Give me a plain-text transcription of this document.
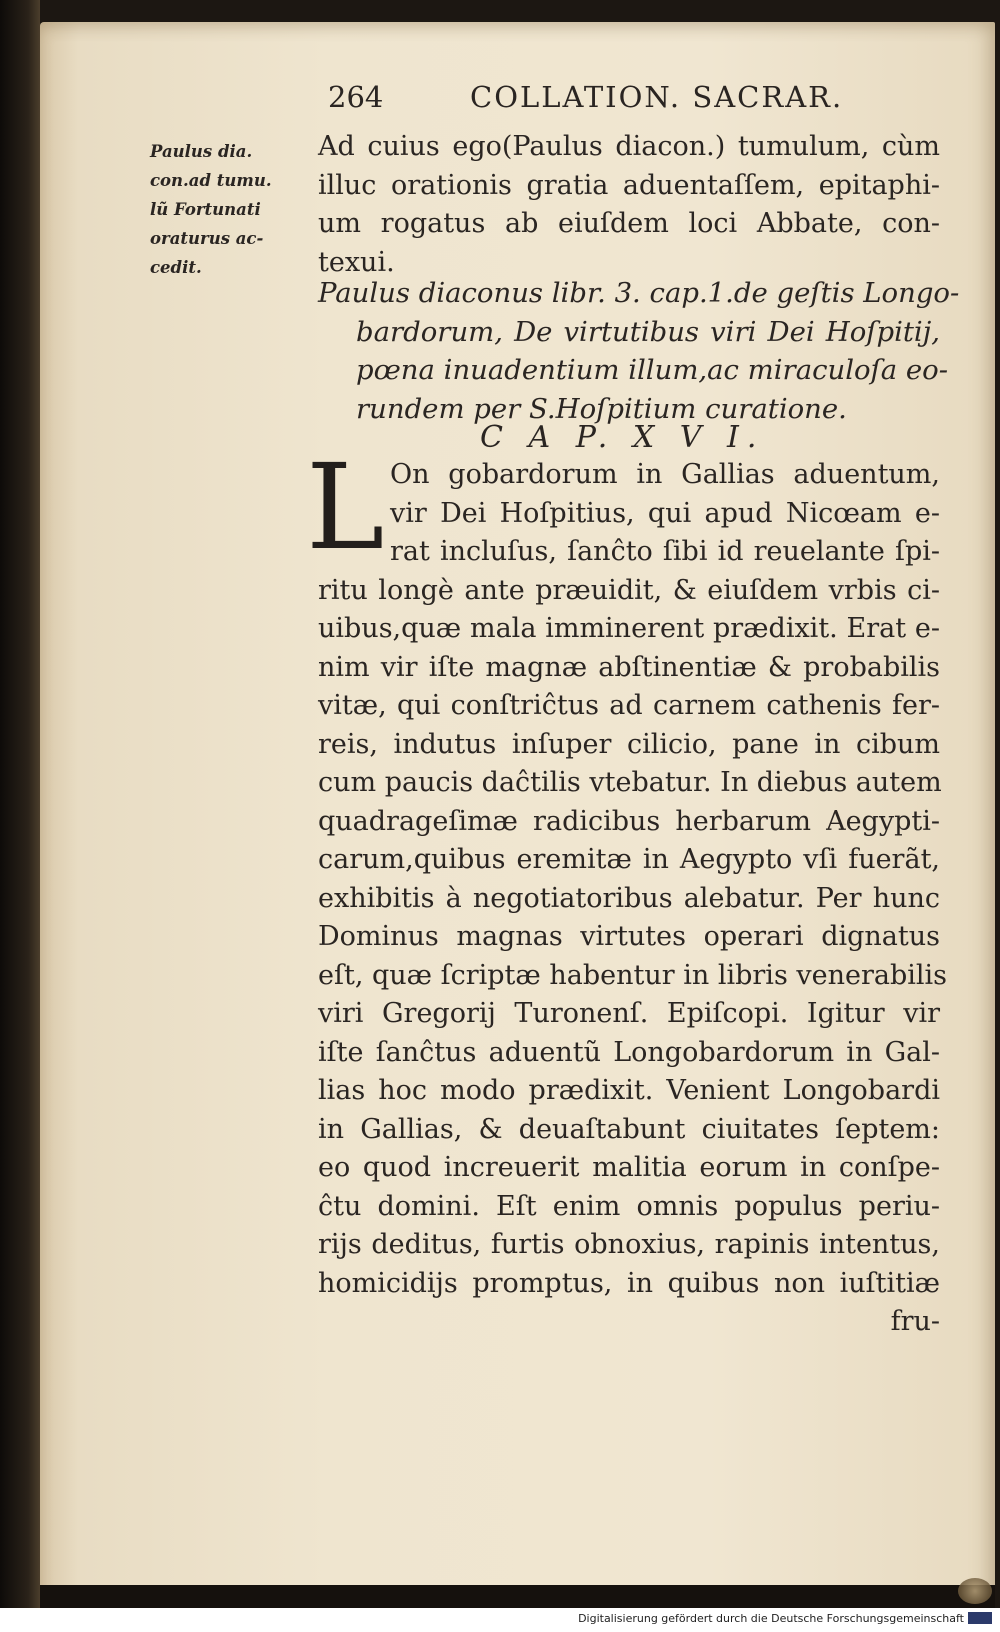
264	COLLATION. SACRAR.
Paulus dia.
con.ad tumu.
lũ Fortunati
oraturus ac-
cedit.
Ad cuius ego(Paulus diacon.) tumulum, cùm
illuc orationis gratia aduentaſſem, epitaphi-
um rogatus ab eiuſdem loci Abbate, con-
texui.
Paulus diaconus libr. 3. cap.1.de geſtis Longo-
bardorum, De virtutibus viri Dei Hoſpitij,
pœna inuadentium illum,ac miraculoſa eo-
rundem per S.Hoſpitium curatione.
C A P. X V I.
L On gobardorum in Gallias aduentum,
vir Dei Hoſpitius, qui apud Nicœam e-
rat incluſus, ſanĉto ſibi id reuelante ſpi-
ritu longè ante præuidit, & eiuſdem vrbis ci-
uibus,quæ mala imminerent prædixit. Erat e-
nim vir iſte magnæ abſtinentiæ & probabilis
vitæ, qui conſtriĉtus ad carnem cathenis fer-
reis, indutus inſuper cilicio, pane in cibum
cum paucis daĉtilis vtebatur. In diebus autem
quadrageſimæ radicibus herbarum Aegypti-
carum,quibus eremitæ in Aegypto vſi fuerãt,
exhibitis à negotiatoribus alebatur. Per hunc
Dominus magnas virtutes operari dignatus
eſt, quæ ſcriptæ habentur in libris venerabilis
viri Gregorij Turonenſ. Epiſcopi. Igitur vir
iſte ſanĉtus aduentũ Longobardorum in Gal-
lias hoc modo prædixit. Venient Longobardi
in Gallias, & deuaſtabunt ciuitates ſeptem:
eo quod increuerit malitia eorum in conſpe-
ĉtu domini. Eſt enim omnis populus periu-
rijs deditus, furtis obnoxius, rapinis intentus,
homicidijs promptus, in quibus non iuſtitiæ
fru-
Digitalisierung gefördert durch die Deutsche Forschungsgemeinschaft
